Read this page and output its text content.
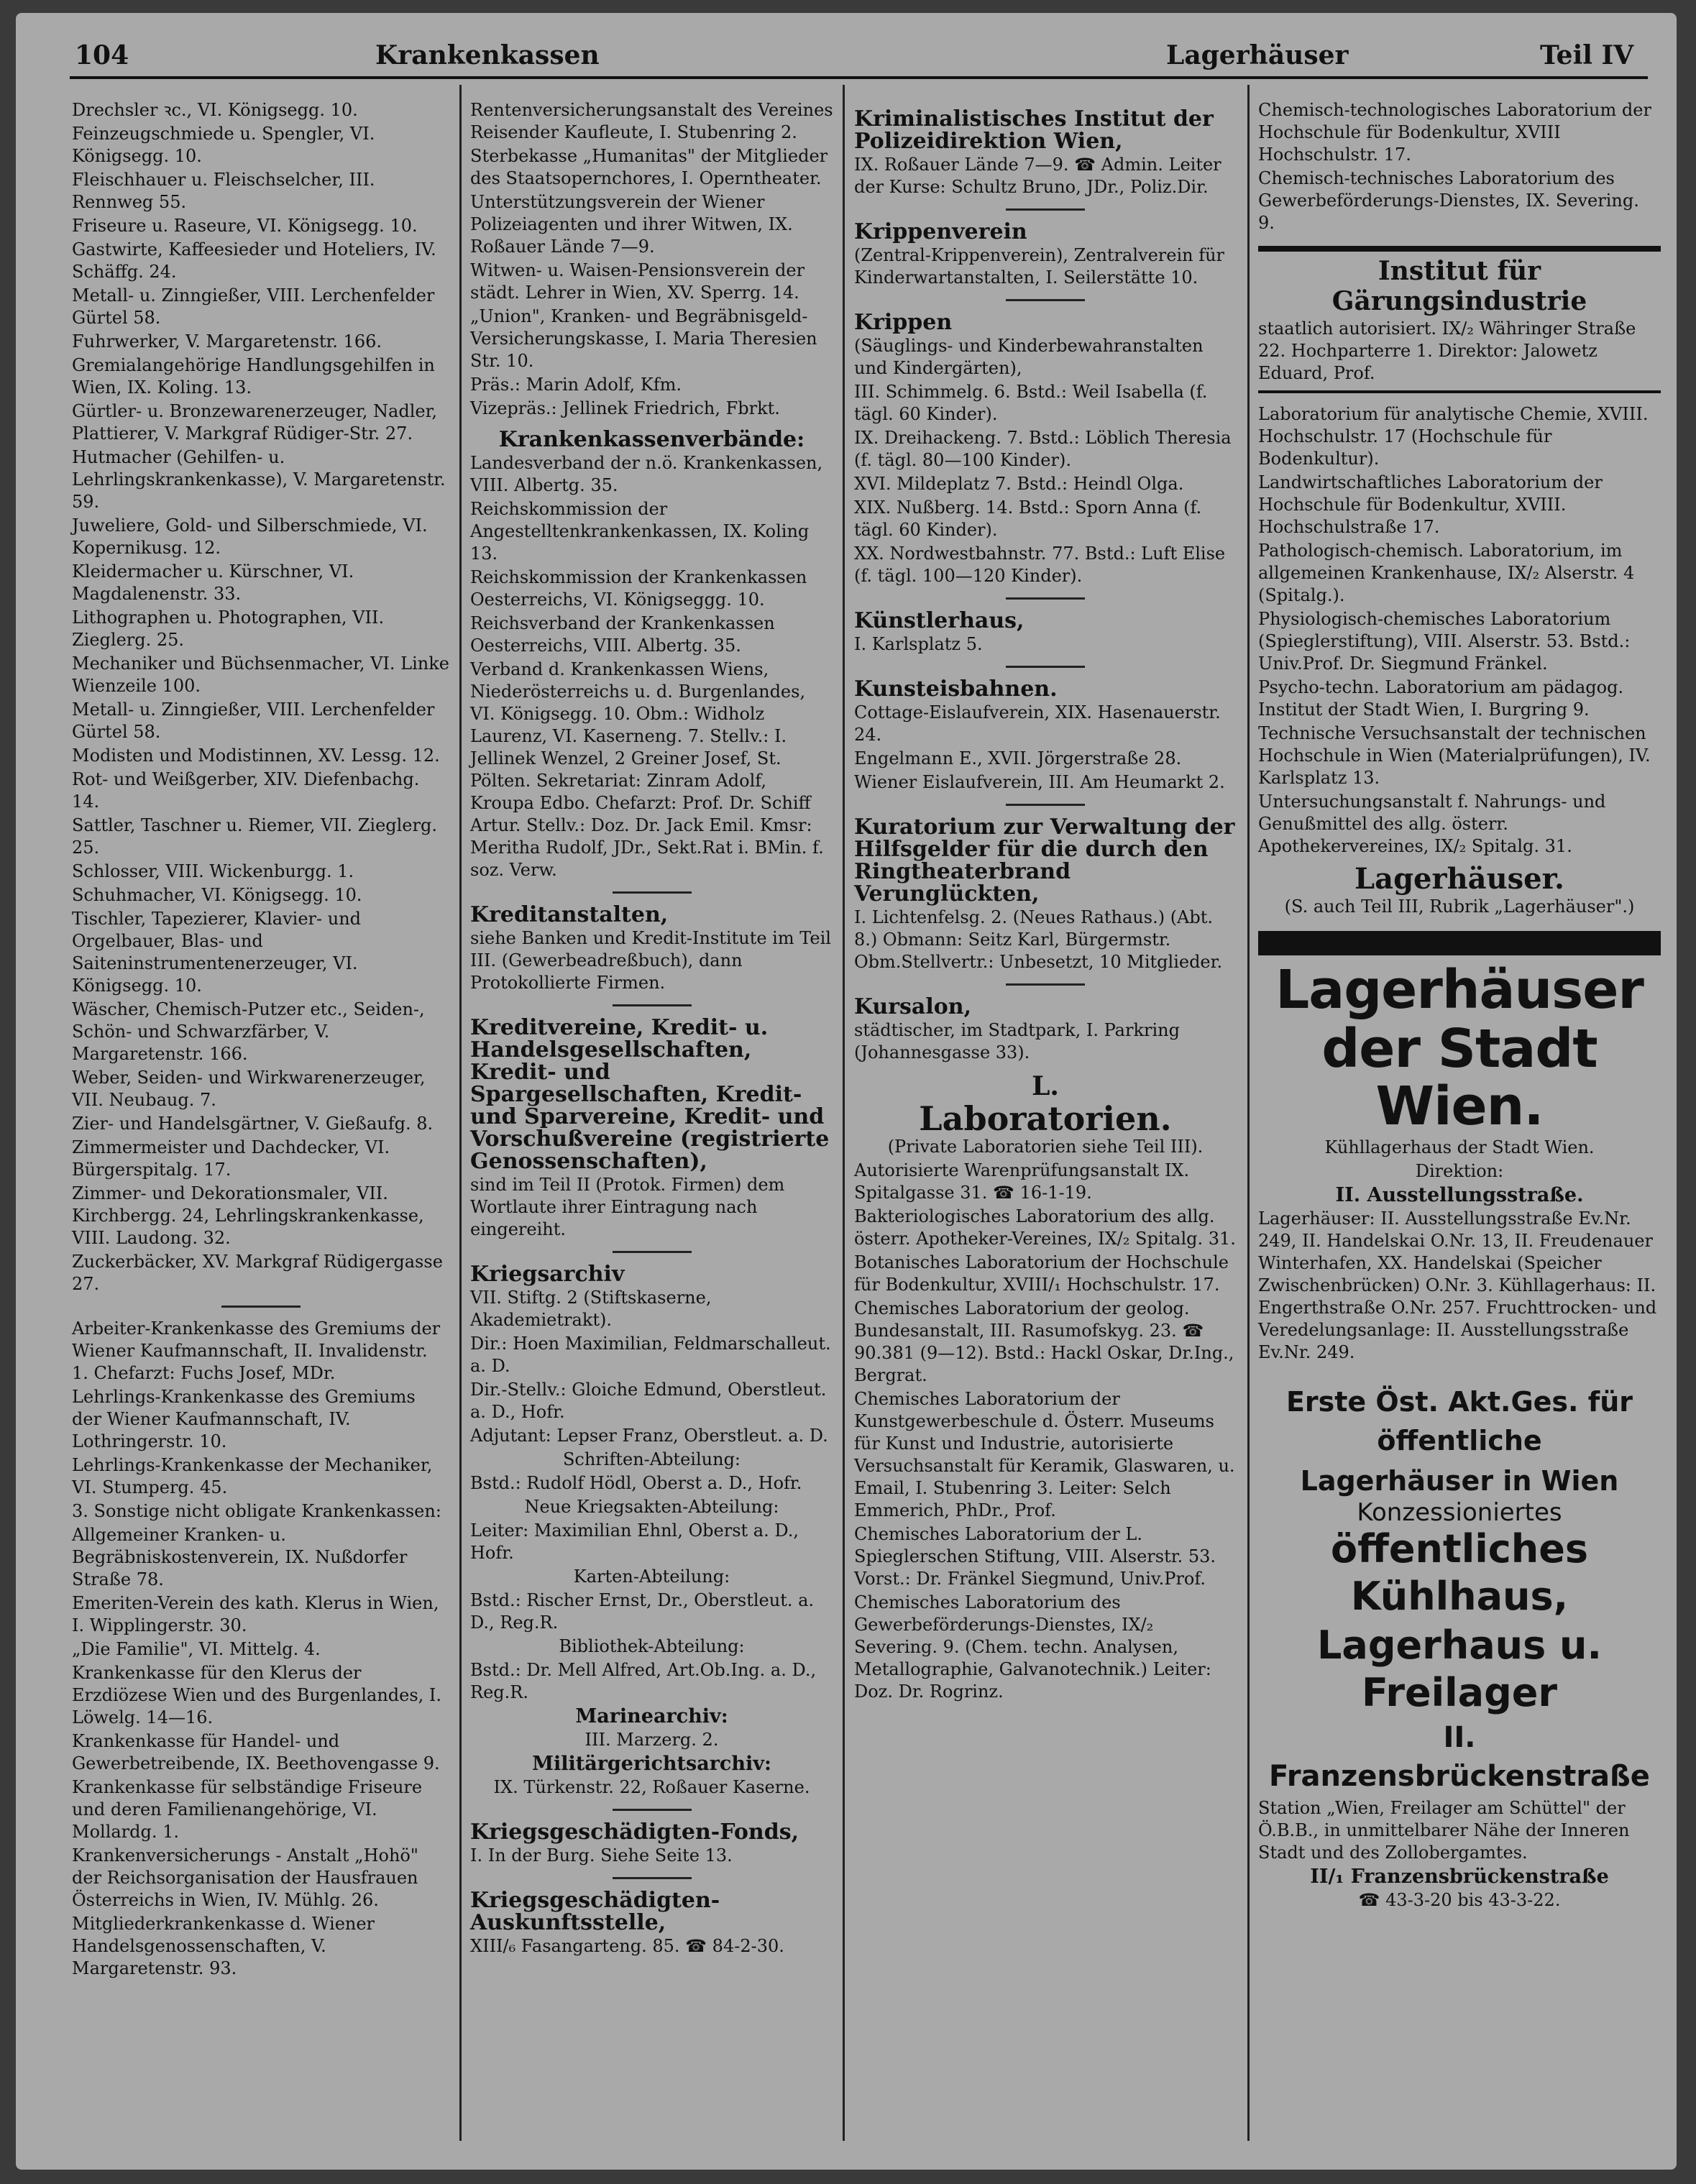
104	Krankenkassen	Lagerhäuser	Teil IV

Drechsler ꝛc., VI. Königsegg. 10.

Feinzeugschmiede u. Spengler, VI. Königsegg. 10.

Fleischhauer u. Fleischselcher, III. Rennweg 55.

Friseure u. Raseure, VI. Königsegg. 10.

Gastwirte, Kaffeesieder und Hoteliers, IV. Schäffg. 24.

Metall- u. Zinngießer, VIII. Lerchenfelder Gürtel 58.

Fuhrwerker, V. Margaretenstr. 166.

Gremialangehörige Handlungsgehilfen in Wien, IX. Koling. 13.

Gürtler- u. Bronzewarenerzeuger, Nadler, Plattierer, V. Markgraf Rüdiger-Str. 27.

Hutmacher (Gehilfen- u. Lehrlingskrankenkasse), V. Margaretenstr. 59.

Juweliere, Gold- und Silberschmiede, VI. Kopernikusg. 12.

Kleidermacher u. Kürschner, VI. Magdalenenstr. 33.

Lithographen u. Photographen, VII. Zieglerg. 25.

Mechaniker und Büchsenmacher, VI. Linke Wienzeile 100.

Metall- u. Zinngießer, VIII. Lerchenfelder Gürtel 58.

Modisten und Modistinnen, XV. Lessg. 12.

Rot- und Weißgerber, XIV. Diefenbachg. 14.

Sattler, Taschner u. Riemer, VII. Zieglerg. 25.

Schlosser, VIII. Wickenburgg. 1.

Schuhmacher, VI. Königsegg. 10.

Tischler, Tapezierer, Klavier- und Orgelbauer, Blas- und Saiteninstrumentenerzeuger, VI. Königsegg. 10.

Wäscher, Chemisch-Putzer etc., Seiden-, Schön- und Schwarzfärber, V. Margaretenstr. 166.

Weber, Seiden- und Wirkwarenerzeuger, VII. Neubaug. 7.

Zier- und Handelsgärtner, V. Gießaufg. 8.

Zimmermeister und Dachdecker, VI. Bürgerspitalg. 17.

Zimmer- und Dekorationsmaler, VII. Kirchbergg. 24, Lehrlingskrankenkasse, VIII. Laudong. 32.

Zuckerbäcker, XV. Markgraf Rüdigergasse 27.

Arbeiter-Krankenkasse des Gremiums der Wiener Kaufmannschaft, II. Invalidenstr. 1. Chefarzt: Fuchs Josef, MDr.

Lehrlings-Krankenkasse des Gremiums der Wiener Kaufmannschaft, IV. Lothringerstr. 10.

Lehrlings-Krankenkasse der Mechaniker, VI. Stumperg. 45.

3. Sonstige nicht obligate Krankenkassen:

Allgemeiner Kranken- u. Begräbniskostenverein, IX. Nußdorfer Straße 78.

Emeriten-Verein des kath. Klerus in Wien, I. Wipplingerstr. 30.

„Die Familie", VI. Mittelg. 4.

Krankenkasse für den Klerus der Erzdiözese Wien und des Burgenlandes, I. Löwelg. 14—16.

Krankenkasse für Handel- und Gewerbetreibende, IX. Beethovengasse 9.

Krankenkasse für selbständige Friseure und deren Familienangehörige, VI. Mollardg. 1.

Krankenversicherungs - Anstalt „Hohö" der Reichsorganisation der Hausfrauen Österreichs in Wien, IV. Mühlg. 26.

Mitgliederkrankenkasse d. Wiener Handelsgenossenschaften, V. Margaretenstr. 93.

Rentenversicherungsanstalt des Vereines Reisender Kaufleute, I. Stubenring 2.

Sterbekasse „Humanitas" der Mitglieder des Staatsopernchores, I. Operntheater.

Unterstützungsverein der Wiener Polizeiagenten und ihrer Witwen, IX. Roßauer Lände 7—9.

Witwen- u. Waisen-Pensionsverein der städt. Lehrer in Wien, XV. Sperrg. 14.

„Union", Kranken- und Begräbnisgeld-Versicherungskasse, I. Maria Theresien Str. 10.

Präs.: Marin Adolf, Kfm.

Vizepräs.: Jellinek Friedrich, Fbrkt.

Krankenkassenverbände:

Landesverband der n.ö. Krankenkassen, VIII. Albertg. 35.

Reichskommission der Angestelltenkrankenkassen, IX. Koling 13.

Reichskommission der Krankenkassen Oesterreichs, VI. Königseggg. 10.

Reichsverband der Krankenkassen Oesterreichs, VIII. Albertg. 35.

Verband d. Krankenkassen Wiens, Niederösterreichs u. d. Burgenlandes, VI. Königsegg. 10. Obm.: Widholz Laurenz, VI. Kaserneng. 7. Stellv.: I. Jellinek Wenzel, 2 Greiner Josef, St. Pölten. Sekretariat: Zinram Adolf, Kroupa Edbo. Chefarzt: Prof. Dr. Schiff Artur. Stellv.: Doz. Dr. Jack Emil. Kmsr: Meritha Rudolf, JDr., Sekt.Rat i. BMin. f. soz. Verw.

Kreditanstalten,

siehe Banken und Kredit-Institute im Teil III. (Gewerbeadreßbuch), dann Protokollierte Firmen.

Kreditvereine, Kredit- u. Handelsgesellschaften, Kredit- und Spargesellschaften, Kredit- und Sparvereine, Kredit- und Vorschußvereine (registrierte Genossenschaften),

sind im Teil II (Protok. Firmen) dem Wortlaute ihrer Eintragung nach eingereiht.

Kriegsarchiv

VII. Stiftg. 2 (Stiftskaserne, Akademietrakt).

Dir.: Hoen Maximilian, Feldmarschalleut. a. D.

Dir.-Stellv.: Gloiche Edmund, Oberstleut. a. D., Hofr.

Adjutant: Lepser Franz, Oberstleut. a. D.

Schriften-Abteilung:

Bstd.: Rudolf Hödl, Oberst a. D., Hofr.

Neue Kriegsakten-Abteilung:

Leiter: Maximilian Ehnl, Oberst a. D., Hofr.

Karten-Abteilung:

Bstd.: Rischer Ernst, Dr., Oberstleut. a. D., Reg.R.

Bibliothek-Abteilung:

Bstd.: Dr. Mell Alfred, Art.Ob.Ing. a. D., Reg.R.

Marinearchiv:

III. Marzerg. 2.

Militärgerichtsarchiv:

IX. Türkenstr. 22, Roßauer Kaserne.

Kriegsgeschädigten-Fonds,

I. In der Burg. Siehe Seite 13.

Kriegsgeschädigten-Auskunftsstelle,

XIII/₆ Fasangarteng. 85. ☎ 84-2-30.

Kriminalistisches Institut der Polizeidirektion Wien,

IX. Roßauer Lände 7—9. ☎ Admin. Leiter der Kurse: Schultz Bruno, JDr., Poliz.Dir.

Krippenverein

(Zentral-Krippenverein), Zentralverein für Kinderwartanstalten, I. Seilerstätte 10.

Krippen

(Säuglings- und Kinderbewahranstalten und Kindergärten),

III. Schimmelg. 6. Bstd.: Weil Isabella (f. tägl. 60 Kinder).

IX. Dreihackeng. 7. Bstd.: Löblich Theresia (f. tägl. 80—100 Kinder).

XVI. Mildeplatz 7. Bstd.: Heindl Olga.

XIX. Nußberg. 14. Bstd.: Sporn Anna (f. tägl. 60 Kinder).

XX. Nordwestbahnstr. 77. Bstd.: Luft Elise (f. tägl. 100—120 Kinder).

Künstlerhaus,

I. Karlsplatz 5.

Kunsteisbahnen.

Cottage-Eislaufverein, XIX. Hasenauerstr. 24.

Engelmann E., XVII. Jörgerstraße 28.

Wiener Eislaufverein, III. Am Heumarkt 2.

Kuratorium zur Verwaltung der Hilfsgelder für die durch den Ringtheaterbrand Verunglückten,

I. Lichtenfelsg. 2. (Neues Rathaus.) (Abt. 8.) Obmann: Seitz Karl, Bürgermstr. Obm.Stellvertr.: Unbesetzt, 10 Mitglieder.

Kursalon,

städtischer, im Stadtpark, I. Parkring (Johannesgasse 33).

L.

Laboratorien.

(Private Laboratorien siehe Teil III).

Autorisierte Warenprüfungsanstalt IX. Spitalgasse 31. ☎ 16-1-19.

Bakteriologisches Laboratorium des allg. österr. Apotheker-Vereines, IX/₂ Spitalg. 31.

Botanisches Laboratorium der Hochschule für Bodenkultur, XVIII/₁ Hochschulstr. 17.

Chemisches Laboratorium der geolog. Bundesanstalt, III. Rasumofskyg. 23. ☎ 90.381 (9—12). Bstd.: Hackl Oskar, Dr.Ing., Bergrat.

Chemisches Laboratorium der Kunstgewerbeschule d. Österr. Museums für Kunst und Industrie, autorisierte Versuchsanstalt für Keramik, Glaswaren, u. Email, I. Stubenring 3. Leiter: Selch Emmerich, PhDr., Prof.

Chemisches Laboratorium der L. Spieglerschen Stiftung, VIII. Alserstr. 53. Vorst.: Dr. Fränkel Siegmund, Univ.Prof.

Chemisches Laboratorium des Gewerbeförderungs-Dienstes, IX/₂ Severing. 9. (Chem. techn. Analysen, Metallographie, Galvanotechnik.) Leiter: Doz. Dr. Rogrinz.

Chemisch-technologisches Laboratorium der Hochschule für Bodenkultur, XVIII Hochschulstr. 17.

Chemisch-technisches Laboratorium des Gewerbeförderungs-Dienstes, IX. Severing. 9.

Institut für Gärungsindustrie

staatlich autorisiert. IX/₂ Währinger Straße 22. Hochparterre 1. Direktor: Jalowetz Eduard, Prof.

Laboratorium für analytische Chemie, XVIII. Hochschulstr. 17 (Hochschule für Bodenkultur).

Landwirtschaftliches Laboratorium der Hochschule für Bodenkultur, XVIII. Hochschulstraße 17.

Pathologisch-chemisch. Laboratorium, im allgemeinen Krankenhause, IX/₂ Alserstr. 4 (Spitalg.).

Physiologisch-chemisches Laboratorium (Spieglerstiftung), VIII. Alserstr. 53. Bstd.: Univ.Prof. Dr. Siegmund Fränkel.

Psycho-techn. Laboratorium am pädagog. Institut der Stadt Wien, I. Burgring 9.

Technische Versuchsanstalt der technischen Hochschule in Wien (Materialprüfungen), IV. Karlsplatz 13.

Untersuchungsanstalt f. Nahrungs- und Genußmittel des allg. österr. Apothekervereines, IX/₂ Spitalg. 31.

Lagerhäuser.

(S. auch Teil III, Rubrik „Lagerhäuser".)

Lagerhäuser

der Stadt Wien.

Kühllagerhaus der Stadt Wien.

Direktion:

II. Ausstellungsstraße.

Lagerhäuser: II. Ausstellungsstraße Ev.Nr. 249, II. Handelskai O.Nr. 13, II. Freudenauer Winterhafen, XX. Handelskai (Speicher Zwischenbrücken) O.Nr. 3. Kühllagerhaus: II. Engerthstraße O.Nr. 257. Fruchttrocken- und Veredelungsanlage: II. Ausstellungsstraße Ev.Nr. 249.

Erste Öst. Akt.Ges. für öffentliche

Lagerhäuser in Wien

Konzessioniertes

öffentliches Kühlhaus,

Lagerhaus u. Freilager

II. Franzensbrückenstraße

Station „Wien, Freilager am Schüttel" der Ö.B.B., in unmittelbarer Nähe der Inneren Stadt und des Zollobergamtes.

II/₁ Franzensbrückenstraße

☎ 43-3-20 bis 43-3-22.
